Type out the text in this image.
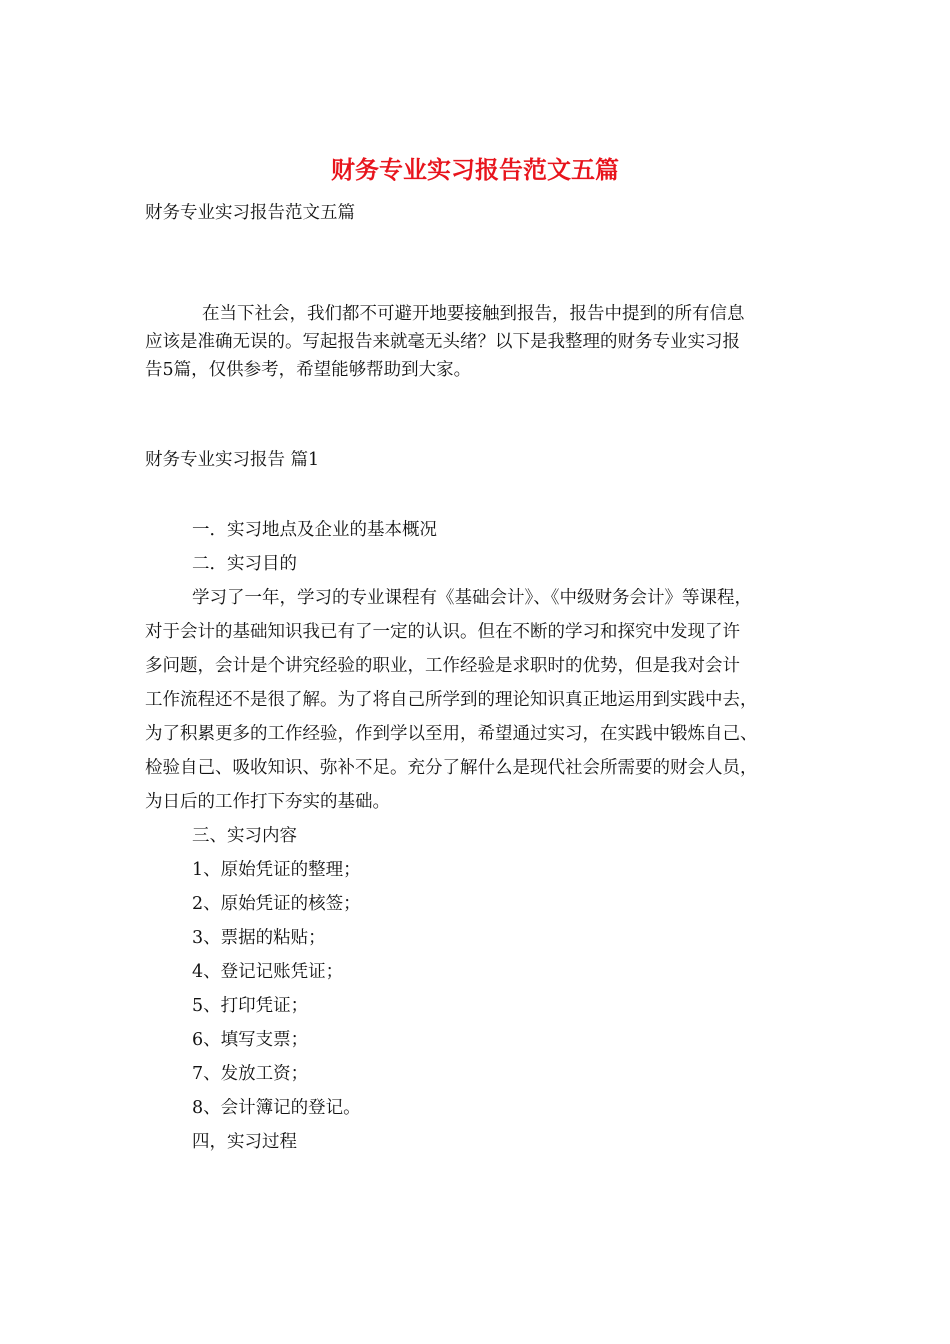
财务专业实习报告范文五篇
财务专业实习报告范文五篇

在当下社会，我们都不可避开地要接触到报告，报告中提到的所有信息

应该是准确无误的。写起报告来就毫无头绪？以下是我整理的财务专业实习报

告5篇，仅供参考，希望能够帮助到大家。

财务专业实习报告 篇1

一．实习地点及企业的基本概况

二．实习目的

学习了一年，学习的专业课程有《基础会计》、《中级财务会计》等课程，

对于会计的基础知识我已有了一定的认识。但在不断的学习和探究中发现了许

多问题，会计是个讲究经验的职业，工作经验是求职时的优势，但是我对会计

工作流程还不是很了解。为了将自己所学到的理论知识真正地运用到实践中去，

为了积累更多的工作经验，作到学以至用，希望通过实习，在实践中锻炼自己、

检验自己、吸收知识、弥补不足。充分了解什么是现代社会所需要的财会人员，

为日后的工作打下夯实的基础。

三、实习内容

1、原始凭证的整理；

2、原始凭证的核签；

3、票据的粘贴；

4、登记记账凭证；

5、打印凭证；

6、填写支票；

7、发放工资；

8、会计簿记的登记。

四，实习过程
